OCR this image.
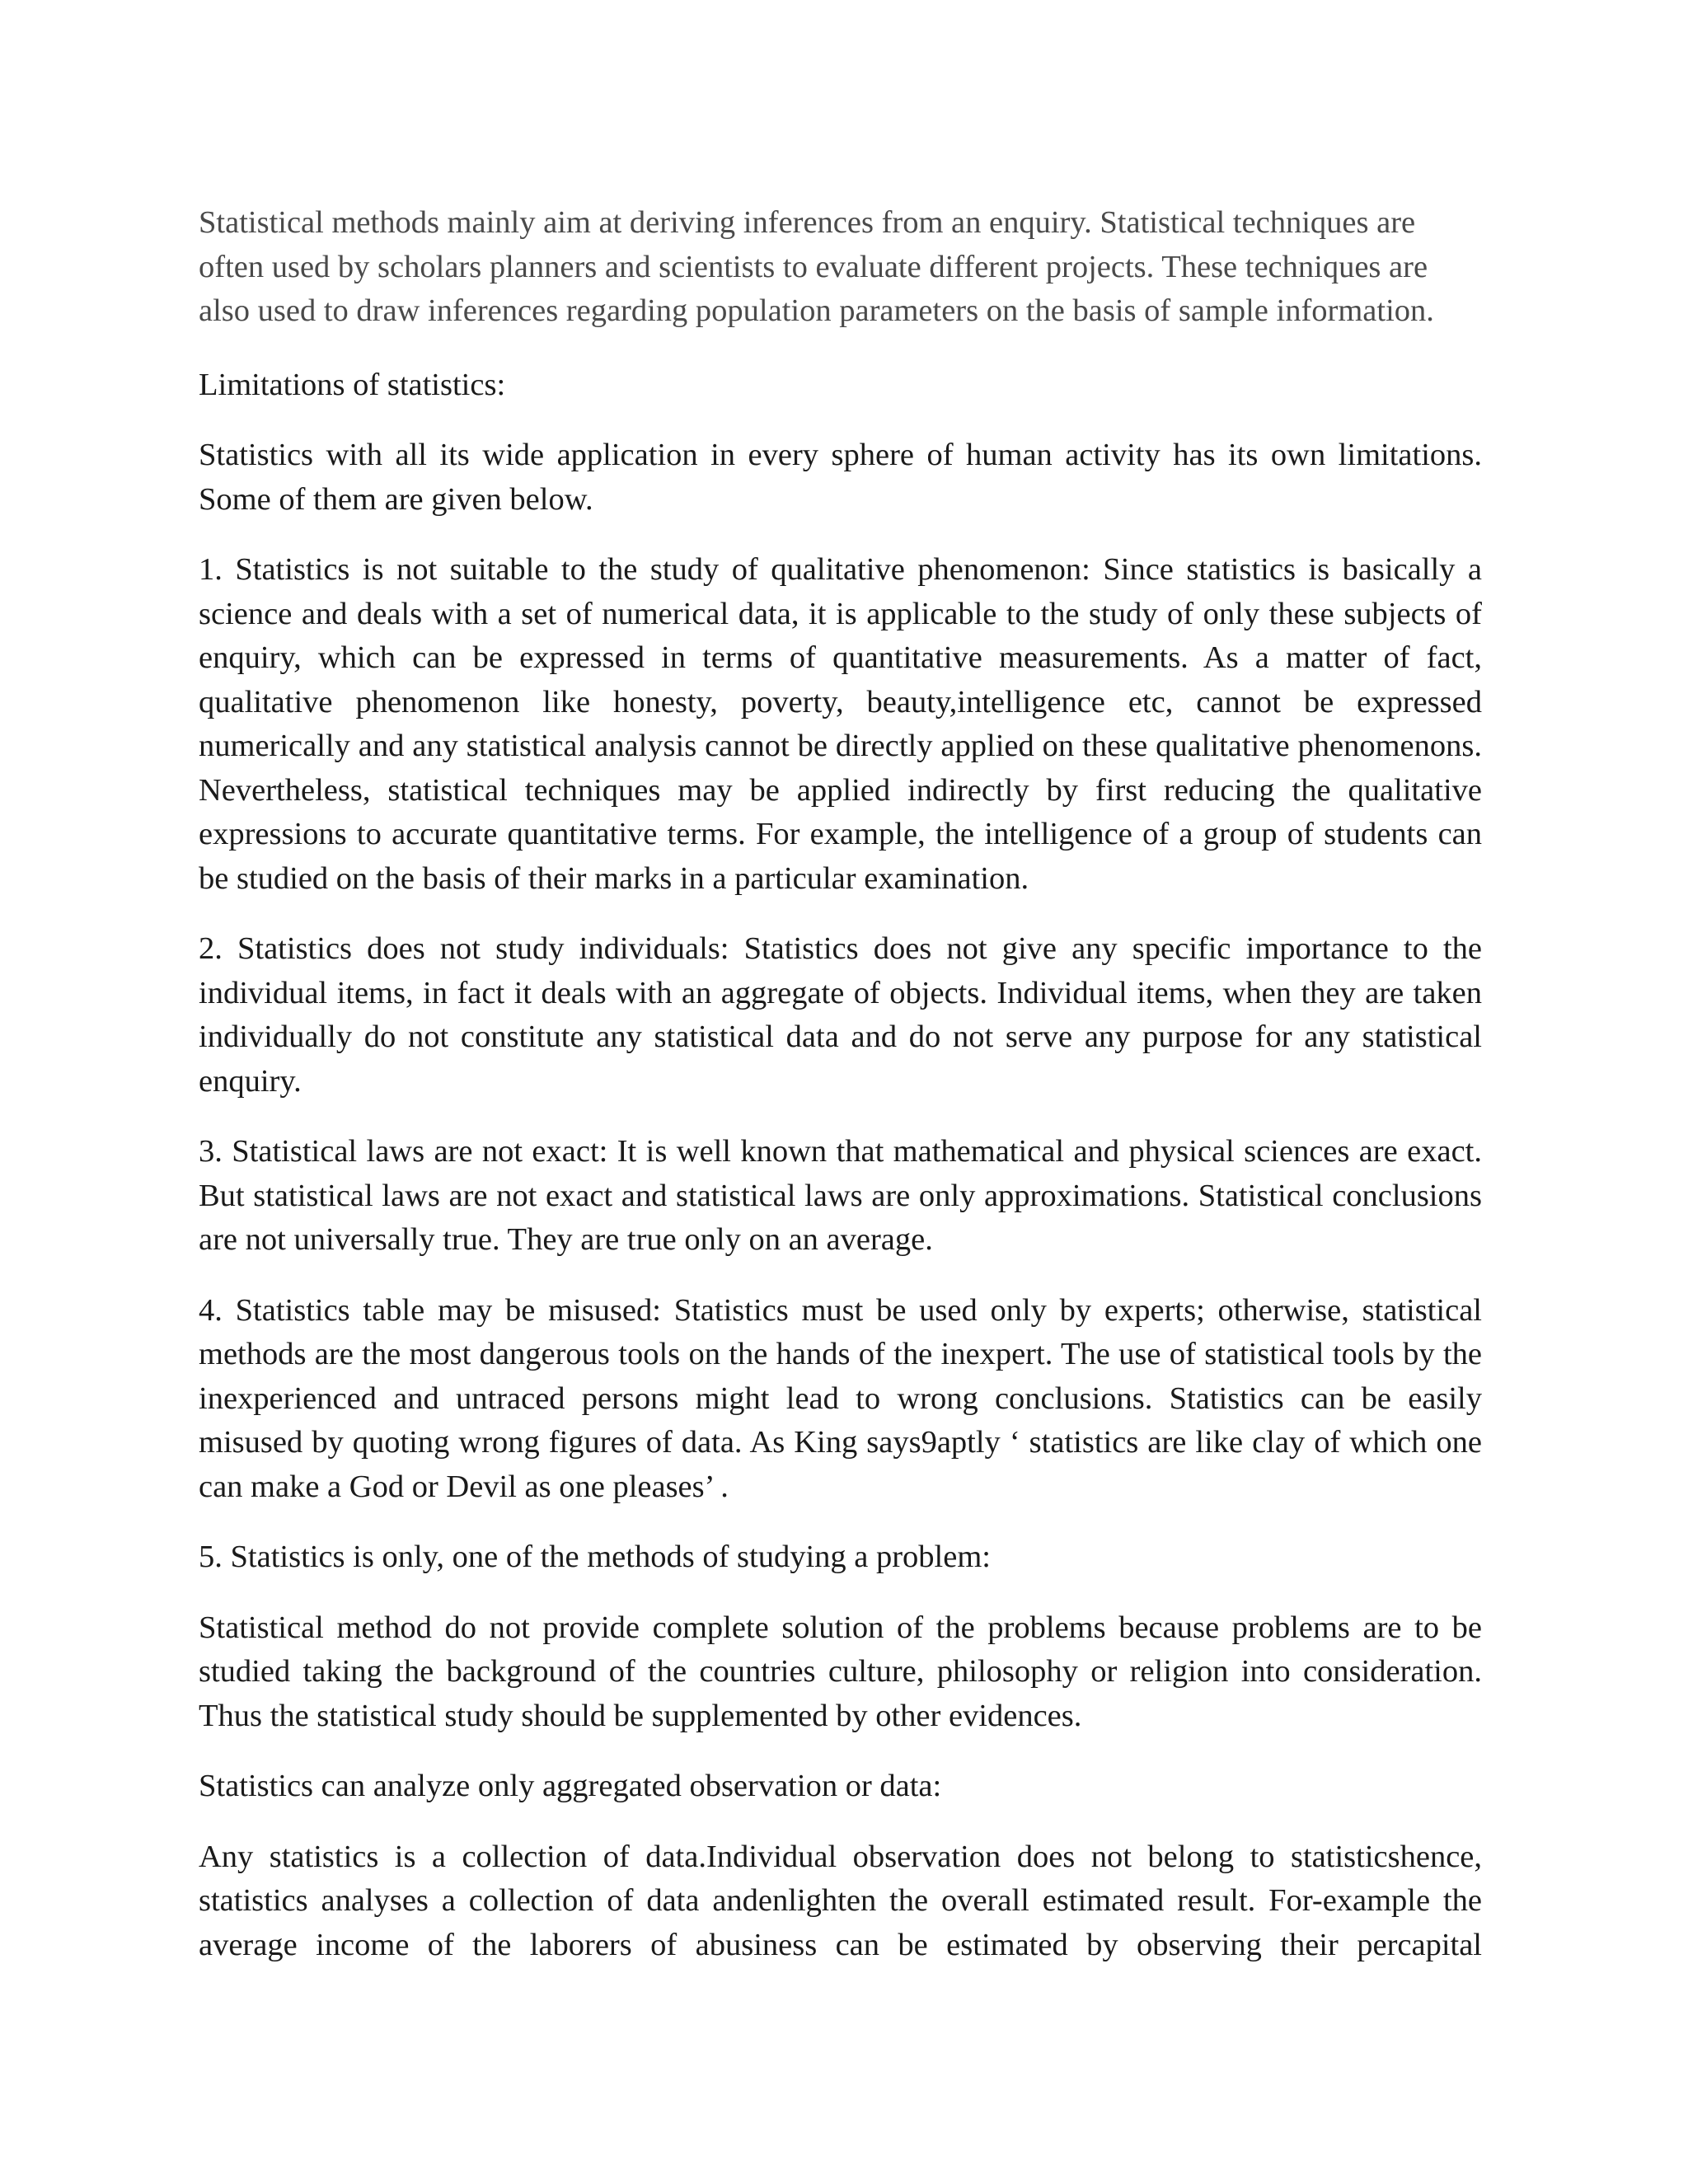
Statistical methods mainly aim at deriving inferences from an enquiry. Statistical techniques are often used by scholars planners and scientists to evaluate different projects. These techniques are also used to draw inferences regarding population parameters on the basis of sample information.

Limitations of statistics:

Statistics with all its wide application in every sphere of human activity has its own limitations. Some of them are given below.

1. Statistics is not suitable to the study of qualitative phenomenon: Since statistics is basically a science and deals with a set of numerical data, it is applicable to the study of only these subjects of enquiry, which can be expressed in terms of quantitative measurements. As a matter of fact, qualitative phenomenon like honesty, poverty, beauty,intelligence etc, cannot be expressed numerically and any statistical analysis cannot be directly applied on these qualitative phenomenons. Nevertheless, statistical techniques may be applied indirectly by first reducing the qualitative expressions to accurate quantitative terms. For example, the intelligence of a group of students can be studied on the basis of their marks in a particular examination.

2. Statistics does not study individuals: Statistics does not give any specific importance to the individual items, in fact it deals with an aggregate of objects. Individual items, when they are taken individually do not constitute any statistical data and do not serve any purpose for any statistical enquiry.

3. Statistical laws are not exact: It is well known that mathematical and physical sciences are exact. But statistical laws are not exact and statistical laws are only approximations. Statistical conclusions are not universally true. They are true only on an average.

4. Statistics table may be misused: Statistics must be used only by experts; otherwise, statistical methods are the most dangerous tools on the hands of the inexpert. The use of statistical tools by the inexperienced and untraced persons might lead to wrong conclusions. Statistics can be easily misused by quoting wrong figures of data. As King says9aptly ‘ statistics are like clay of which one can make a God or Devil as one pleases’ .

5. Statistics is only, one of the methods of studying a problem:

Statistical method do not provide complete solution of the problems because problems are to be studied taking the background of the countries culture, philosophy or religion into consideration. Thus the statistical study should be supplemented by other evidences.

Statistics can analyze only aggregated observation or data:

Any statistics is a collection of data.Individual observation does not belong to statisticshence, statistics analyses a collection of data andenlighten the overall estimated result. For-example the average income of the laborers of abusiness can be estimated by observing their percapital
